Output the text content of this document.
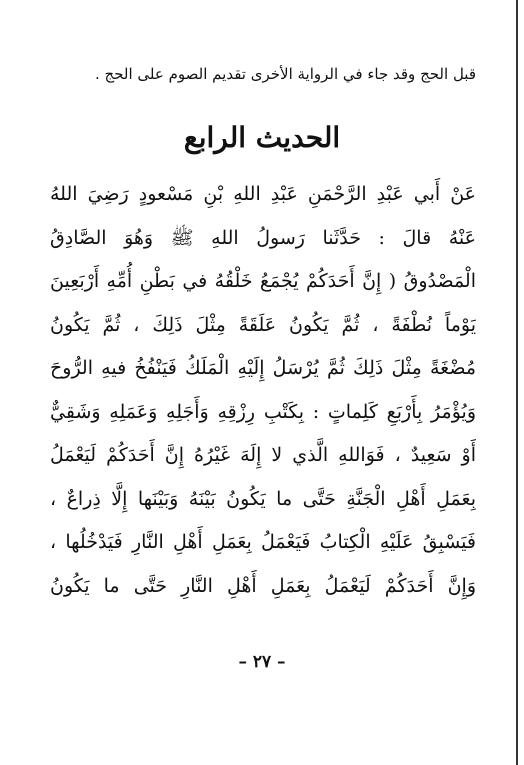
قبل الحج وقد جاء في الرواية الأخرى تقديم الصوم على الحج .
الحديث الرابع
عَنْ أَبي عَبْدِ الرَّحْمَنِ عَبْدِ اللهِ بْنِ مَسْعودٍ رَضِيَ اللهُ
عَنْهُ قالَ : حَدَّثَنا رَسولُ اللهِ ﷺ وَهُوَ الصَّادِقُ
الْمَصْدُوقُ ( إِنَّ أَحَدَكُمْ يُجْمَعُ خَلْقُهُ في بَطْنِ أُمِّهِ أَرْبَعِينَ
يَوْماً نُطْفَةً ، ثُمَّ يَكُونُ عَلَقَةً مِثْلَ ذَلِكَ ، ثُمَّ يَكُونُ
مُضْغَةً مِثْلَ ذَلِكَ ثُمَّ يُرْسَلُ إِلَيْهِ الْمَلَكُ فَيَنْفُخُ فيهِ الرُّوحَ
وَيُؤْمَرُ بِأَرْبَعِ كَلِماتٍ : بِكَتْبِ رِزْقِهِ وَأَجَلِهِ وَعَمَلِهِ وَشَقِيٌّ
أَوْ سَعِيدٌ ، فَوَاللهِ الَّذي لا إِلَهَ غَيْرُهُ إِنَّ أَحَدَكُمْ لَيَعْمَلُ
بِعَمَلِ أَهْلِ الْجَنَّةِ حَتَّى ما يَكُونُ بَيْنَهُ وَبَيْنَها إِلَّا ذِراعٌ ،
فَيَسْبِقُ عَلَيْهِ الْكِتابُ فَيَعْمَلُ بِعَمَلِ أَهْلِ النَّارِ فَيَدْخُلُها ،
وَإِنَّ أَحَدَكُمْ لَيَعْمَلُ بِعَمَلِ أَهْلِ النَّارِ حَتَّى ما يَكُونُ
– ٢٧ –
